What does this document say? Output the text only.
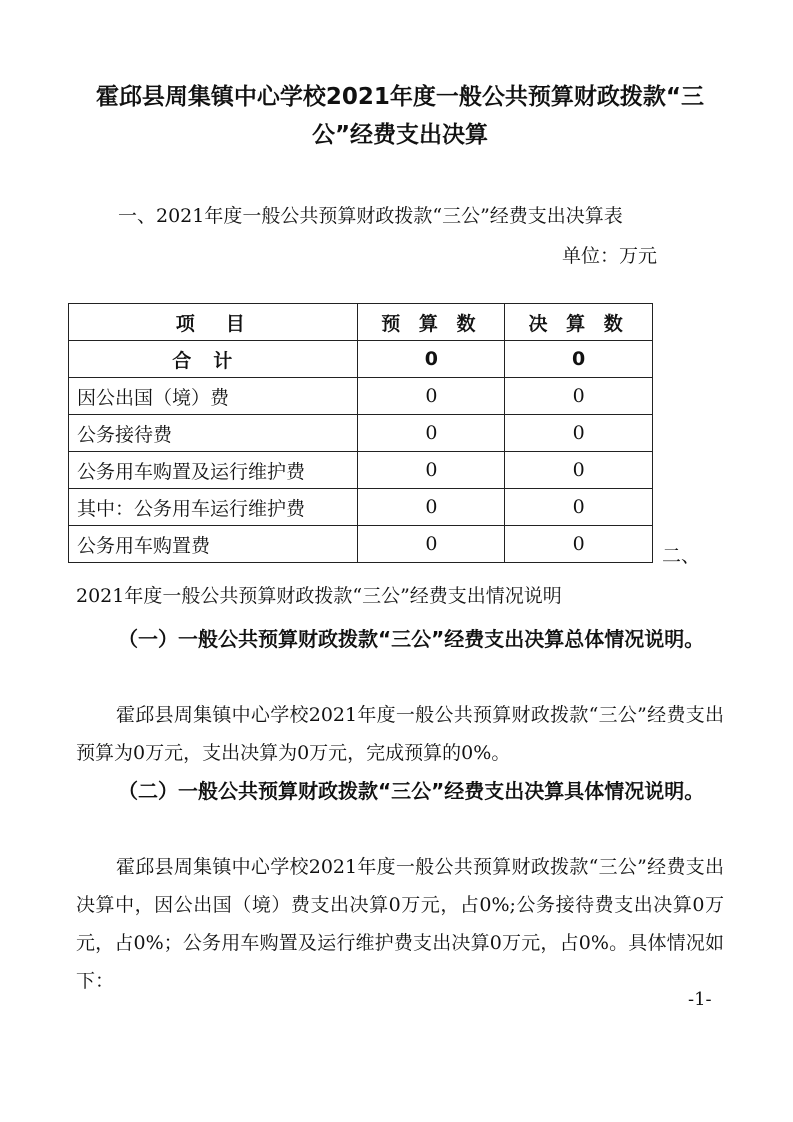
霍邱县周集镇中心学校2021年度一般公共预算财政拨款“三公”经费支出决算
一、2021年度一般公共预算财政拨款“三公”经费支出决算表
单位：万元
项　目	预 算 数	决 算 数
合计	0	0
因公出国（境）费	0	0
公务接待费	0	0
公务用车购置及运行维护费	0	0
其中：公务用车运行维护费	0	0
公务用车购置费	0	0
二、
2021年度一般公共预算财政拨款“三公”经费支出情况说明

（一）一般公共预算财政拨款“三公”经费支出决算总体情况说明。

霍邱县周集镇中心学校2021年度一般公共预算财政拨款“三公”经费支出预算为0万元，支出决算为0万元，完成预算的0%。

（二）一般公共预算财政拨款“三公”经费支出决算具体情况说明。

霍邱县周集镇中心学校2021年度一般公共预算财政拨款“三公”经费支出决算中，因公出国（境）费支出决算0万元，占0%;公务接待费支出决算0万元，占0%；公务用车购置及运行维护费支出决算0万元，占0%。具体情况如下：

-1-
